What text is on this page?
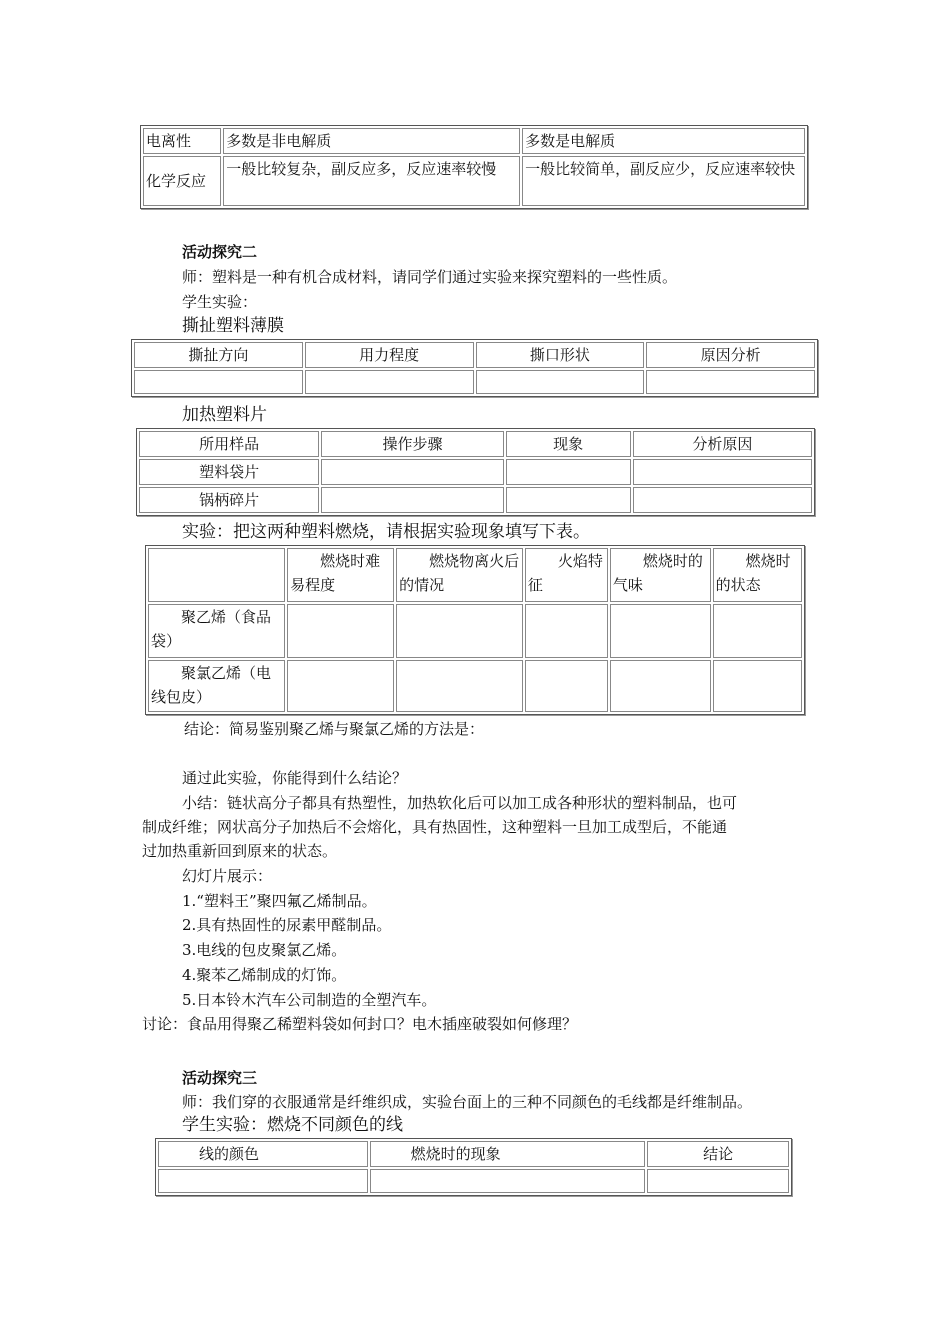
电离性	多数是非电解质	多数是电解质
化学反应	一般比较复杂，副反应多，反应速率较慢	一般比较简单，副反应少，反应速率较快
活动探究二
师：塑料是一种有机合成材料，请同学们通过实验来探究塑料的一些性质。
学生实验：
撕扯塑料薄膜
撕扯方向	用力程度	撕口形状	原因分析

加热塑料片
所用样品	操作步骤	现象	分析原因
塑料袋片			
锅柄碎片			
实验：把这两种塑料燃烧，请根据实验现象填写下表。
	燃烧时难易程度	燃烧物离火后的情况	火焰特征	燃烧时的气味	燃烧时的状态
聚乙烯（食品袋）					
聚氯乙烯（电线包皮）					
结论：简易鉴别聚乙烯与聚氯乙烯的方法是：
通过此实验，你能得到什么结论？
小结：链状高分子都具有热塑性，加热软化后可以加工成各种形状的塑料制品，也可
制成纤维；网状高分子加热后不会熔化，具有热固性，这种塑料一旦加工成型后，不能通
过加热重新回到原来的状态。
幻灯片展示：
1.“塑料王”聚四氟乙烯制品。
2.具有热固性的尿素甲醛制品。
3.电线的包皮聚氯乙烯。
4.聚苯乙烯制成的灯饰。
5.日本铃木汽车公司制造的全塑汽车。
讨论：食品用得聚乙稀塑料袋如何封口？电木插座破裂如何修理？
活动探究三
师：我们穿的衣服通常是纤维织成，实验台面上的三种不同颜色的毛线都是纤维制品。
学生实验：燃烧不同颜色的线
线的颜色	燃烧时的现象	结论
